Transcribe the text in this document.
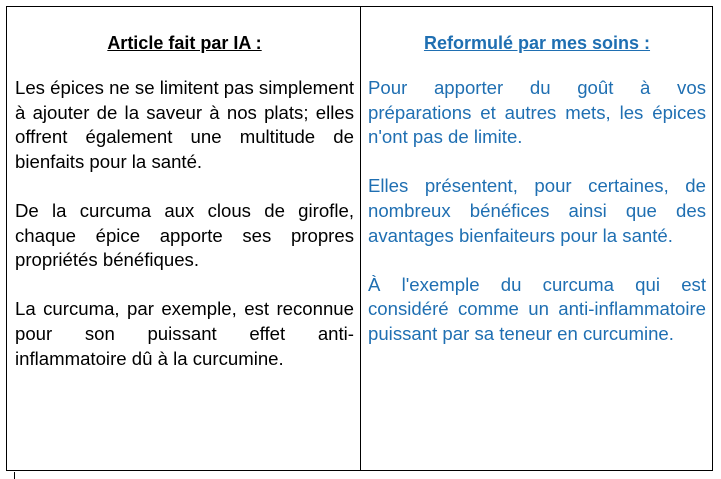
Article fait par IA :

Les épices ne se limitent pas simplement à ajouter de la saveur à nos plats; elles offrent également une multitude de bienfaits pour la santé.

De la curcuma aux clous de girofle, chaque épice apporte ses propres propriétés bénéfiques.

La curcuma, par exemple, est reconnue pour son puissant effet anti-inflammatoire dû à la curcumine.

Reformulé par mes soins :

Pour apporter du goût à vos préparations et autres mets, les épices n'ont pas de limite.

Elles présentent, pour certaines, de nombreux bénéfices ainsi que des avantages bienfaiteurs pour la santé.

À l'exemple du curcuma qui est considéré comme un anti-inflammatoire puissant par sa teneur en curcumine.
